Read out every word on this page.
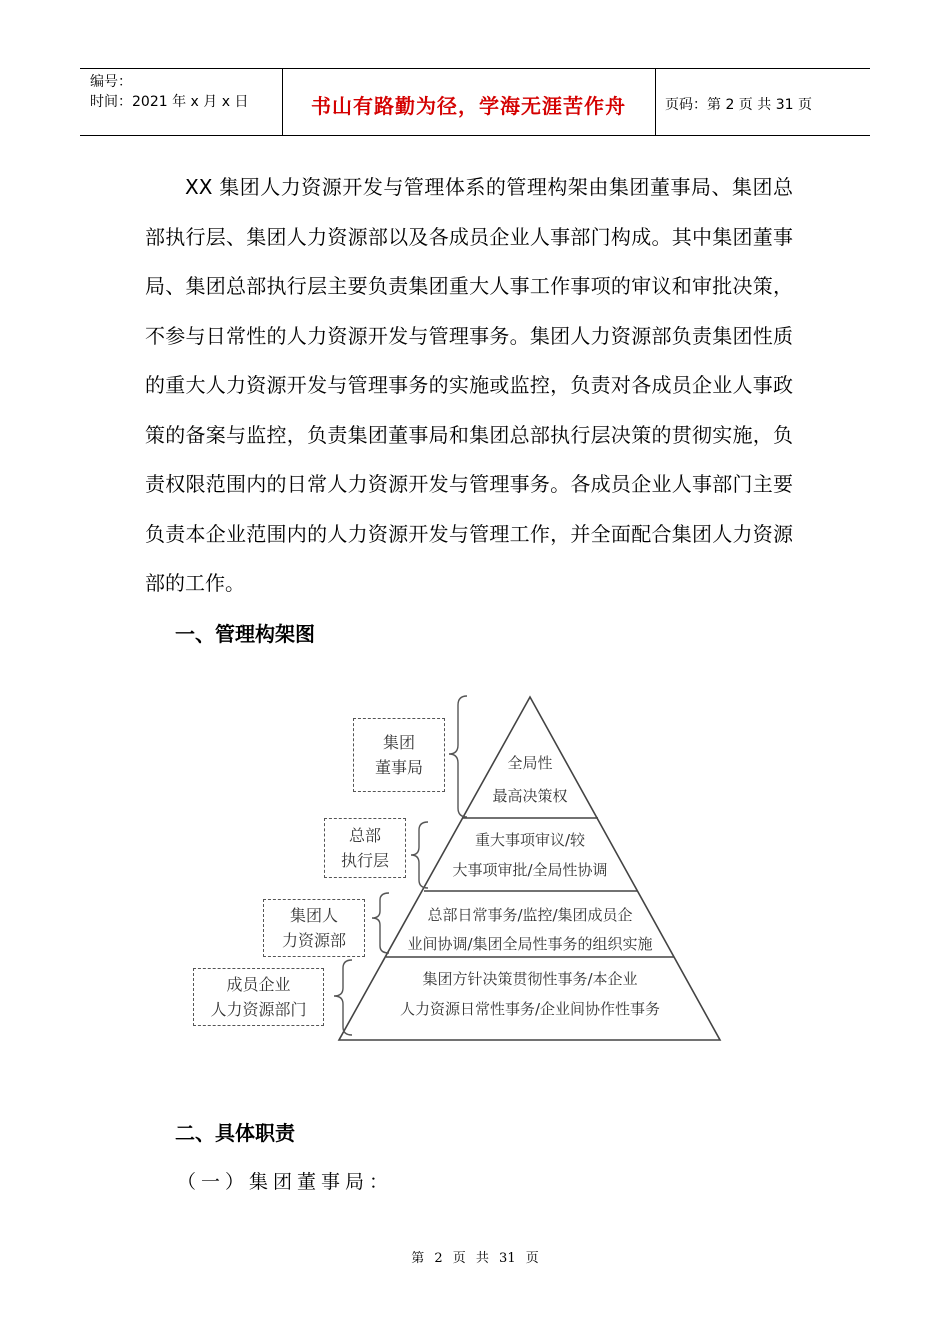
编号：
时间：2021 年 x 月 x 日	书山有路勤为径，学海无涯苦作舟	页码：第 2 页 共 31 页

XX 集团人力资源开发与管理体系的管理构架由集团董事局、集团总部执行层、集团人力资源部以及各成员企业人事部门构成。其中集团董事局、集团总部执行层主要负责集团重大人事工作事项的审议和审批决策，不参与日常性的人力资源开发与管理事务。集团人力资源部负责集团性质的重大人力资源开发与管理事务的实施或监控，负责对各成员企业人事政策的备案与监控，负责集团董事局和集团总部执行层决策的贯彻实施，负责权限范围内的日常人力资源开发与管理事务。各成员企业人事部门主要负责本企业范围内的人力资源开发与管理工作，并全面配合集团人力资源部的工作。

一、管理构架图
集团
董事局
总部
执行层
集团人
力资源部
成员企业
人力资源部门
全局性
最高决策权
重大事项审议/较
大事项审批/全局性协调
总部日常事务/监控/集团成员企
业间协调/集团全局性事务的组织实施
集团方针决策贯彻性事务/本企业
人力资源日常性事务/企业间协作性事务
二、具体职责
（一）集团董事局：
第 2 页 共 31 页
